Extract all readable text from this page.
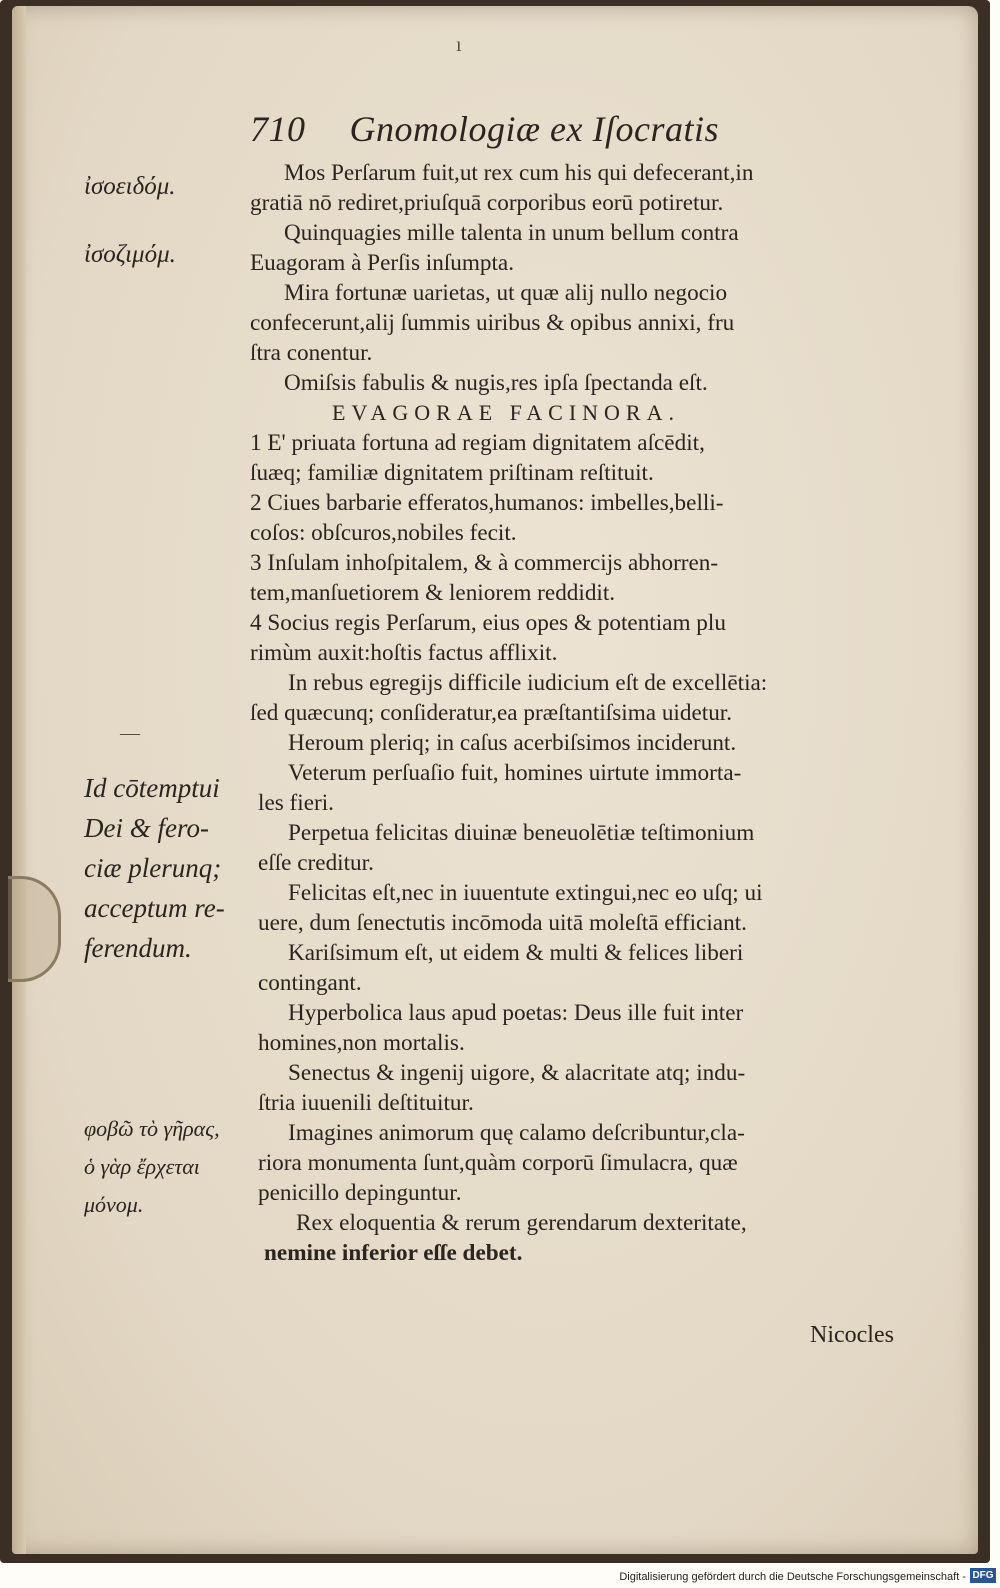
ı
710 Gnomologiæ ex Iſocratis
Mos Perſarum fuit,ut rex cum his qui defecerant,in
gratiā nō rediret,priuſquā corporibus eorū potiretur.
Quinquagies mille talenta in unum bellum contra
Euagoram à Perſis inſumpta.
Mira fortunæ uarietas, ut quæ alij nullo negocio
confecerunt,alij ſummis uiribus & opibus annixi, fru
ſtra conentur.
Omiſsis fabulis & nugis,res ipſa ſpectanda eſt.
EVAGORAE FACINORA.
1 E' priuata fortuna ad regiam dignitatem aſcēdit,
ſuæq; familiæ dignitatem priſtinam reſtituit.
2 Ciues barbarie efferatos,humanos: imbelles,belli-
coſos: obſcuros,nobiles fecit.
3 Inſulam inhoſpitalem, & à commercijs abhorren-
tem,manſuetiorem & leniorem reddidit.
4 Socius regis Perſarum, eius opes & potentiam plu
rimùm auxit:hoſtis factus afflixit.
In rebus egregijs difficile iudicium eſt de excellētia:
ſed quæcunq; conſideratur,ea præſtantiſsima uidetur.
Heroum pleriq; in caſus acerbiſsimos inciderunt.
Veterum perſuaſio fuit, homines uirtute immorta-
les fieri.
Perpetua felicitas diuinæ beneuolētiæ teſtimonium
eſſe creditur.
Felicitas eſt,nec in iuuentute extingui,nec eo uſq; ui
uere, dum ſenectutis incōmoda uitā moleſtā efficiant.
Kariſsimum eſt, ut eidem & multi & felices liberi
contingant.
Hyperbolica laus apud poetas: Deus ille fuit inter
homines,non mortalis.
Senectus & ingenij uigore, & alacritate atq; indu-
ſtria iuuenili deſtituitur.
Imagines animorum quę calamo deſcribuntur,cla-
riora monumenta ſunt,quàm corporū ſimulacra, quæ
penicillo depinguntur.
Rex eloquentia & rerum gerendarum dexteritate,
nemine inferior eſſe debet.
ἰσοειδόμ.
ἰσοζιμόμ.
Id cōtemptui
Dei & fero-
ciæ plerunq;
acceptum re-
ferendum.
φοβῶ τὸ γῆρας,
ὁ γὰρ ἔρχεται
μόνομ.
—
Nicocles
Digitalisierung gefördert durch die Deutsche Forschungsgemeinschaft - DFG
